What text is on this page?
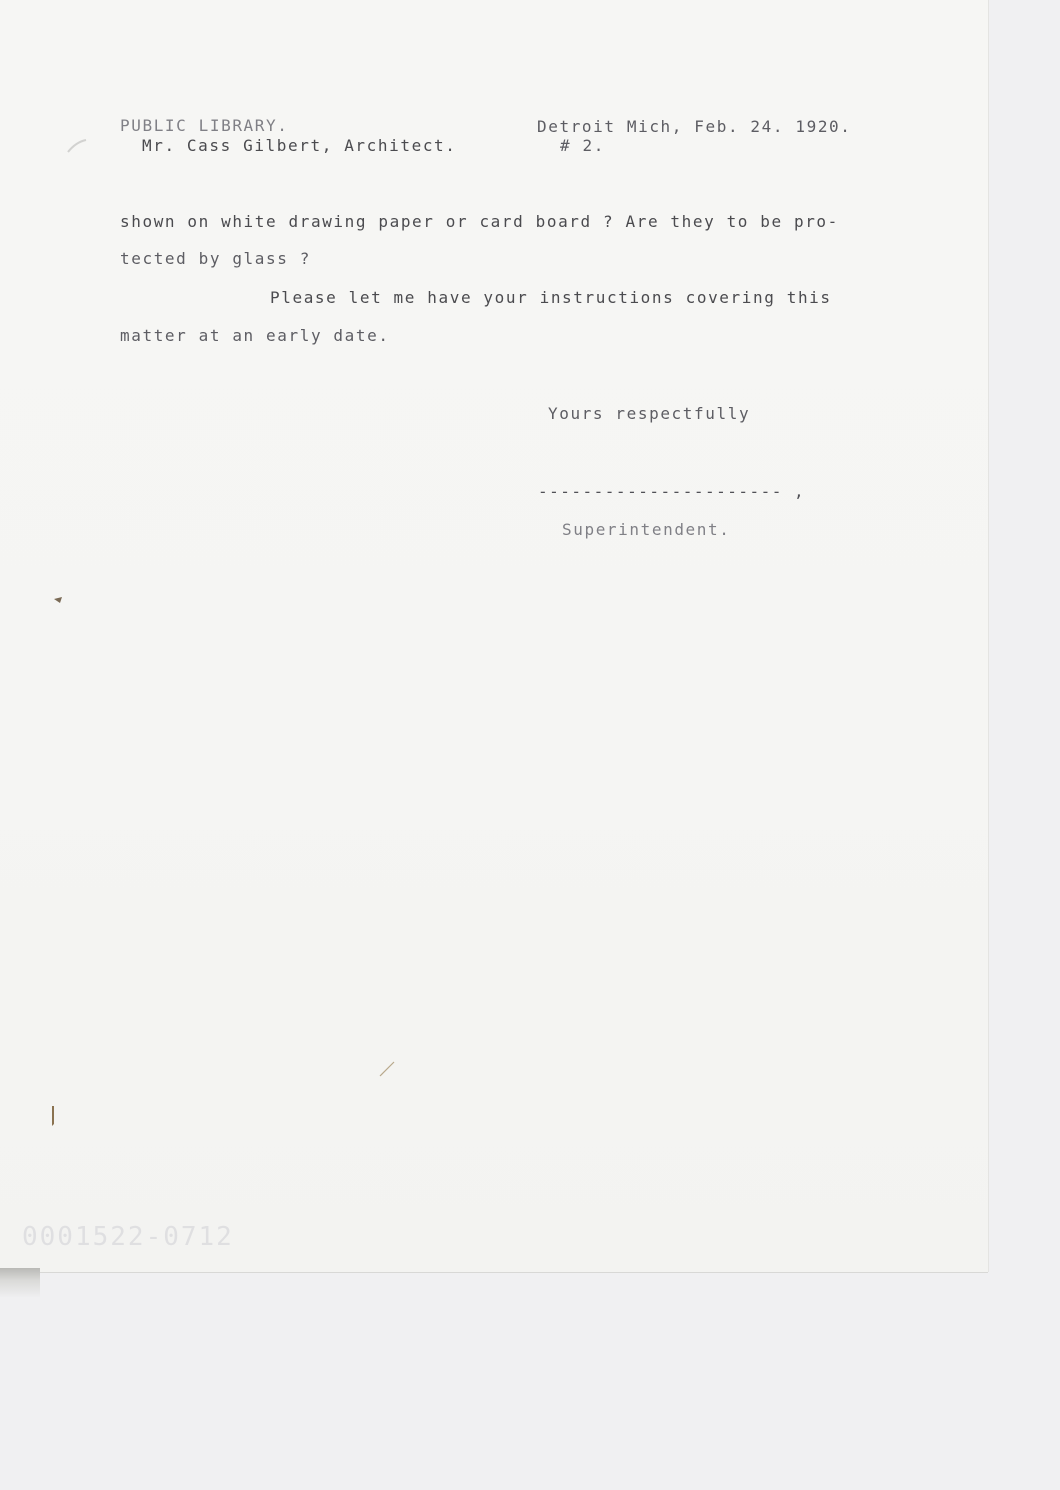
PUBLIC LIBRARY.	Detroit Mich, Feb. 24. 1920.

Mr. Cass Gilbert, Architect.	# 2.

shown on white drawing paper or card board ? Are they to be pro-

tected by glass ?

Please let me have your instructions covering this

matter at an early date.

Yours respectfully

---------------------- ,

Superintendent.

0001522-0712
